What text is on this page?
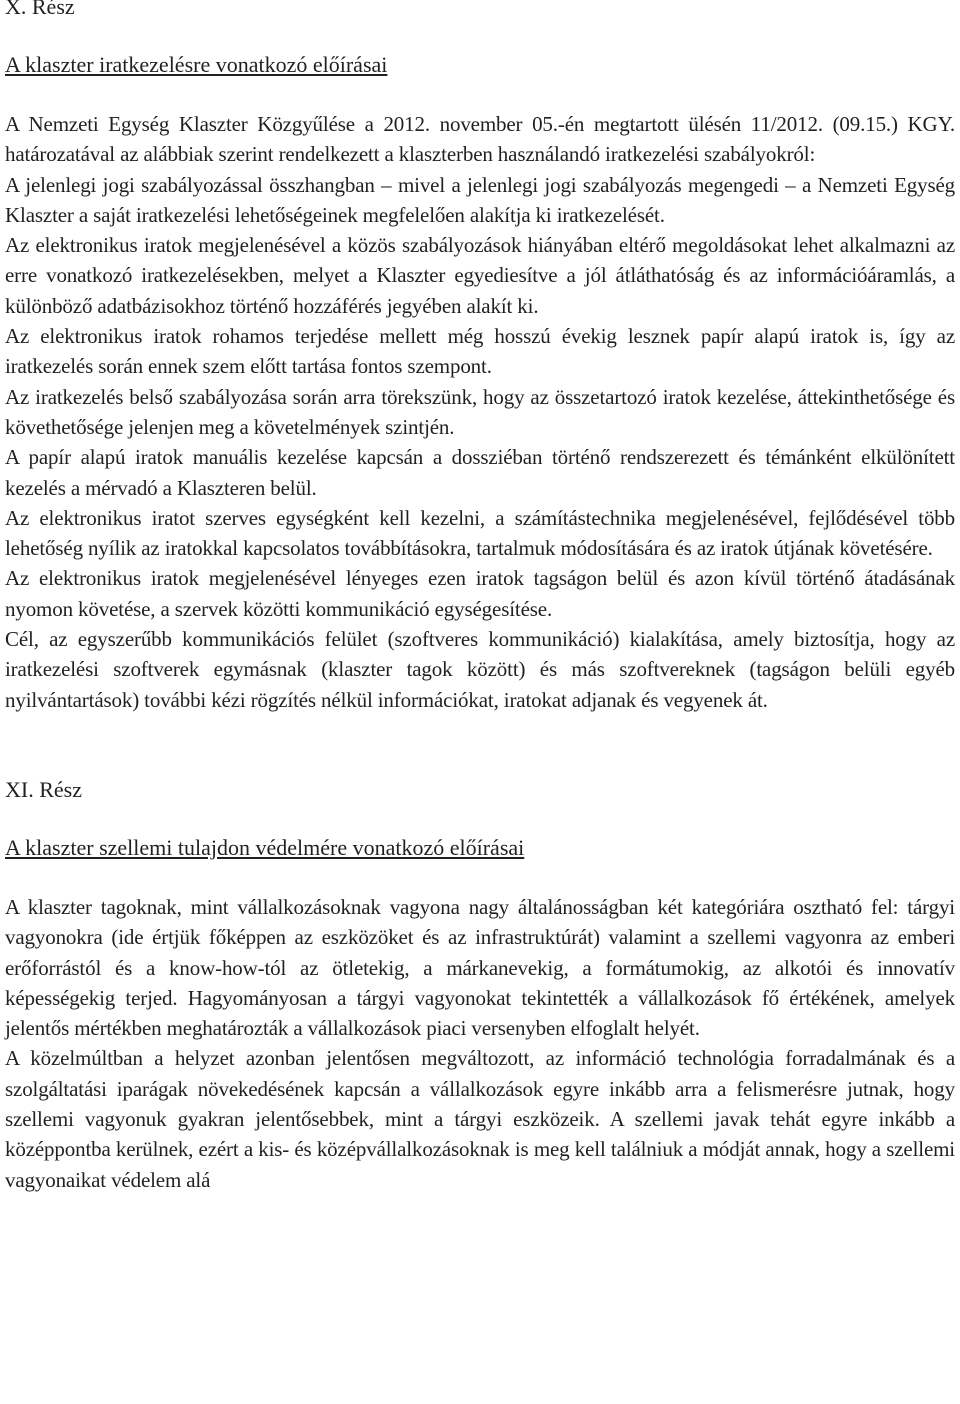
X. Rész
A klaszter iratkezelésre vonatkozó előírásai

A Nemzeti Egység Klaszter Közgyűlése a 2012. november 05.-én megtartott ülésén 11/2012. (09.15.) KGY. határozatával az alábbiak szerint rendelkezett a klaszterben használandó iratkezelési szabályokról:

A jelenlegi jogi szabályozással összhangban – mivel a jelenlegi jogi szabályozás megengedi – a Nemzeti Egység Klaszter a saját iratkezelési lehetőségeinek megfelelően alakítja ki iratkezelését.

Az elektronikus iratok megjelenésével a közös szabályozások hiányában eltérő megoldásokat lehet alkalmazni az erre vonatkozó iratkezelésekben, melyet a Klaszter egyediesítve a jól átláthatóság és az információáramlás, a különböző adatbázisokhoz történő hozzáférés jegyében alakít ki.

Az elektronikus iratok rohamos terjedése mellett még hosszú évekig lesznek papír alapú iratok is, így az iratkezelés során ennek szem előtt tartása fontos szempont.

Az iratkezelés belső szabályozása során arra törekszünk, hogy az összetartozó iratok kezelése, áttekinthetősége és követhetősége jelenjen meg a követelmények szintjén.

A papír alapú iratok manuális kezelése kapcsán a dossziéban történő rendszerezett és témánként elkülönített kezelés a mérvadó a Klaszteren belül.

Az elektronikus iratot szerves egységként kell kezelni, a számítástechnika megjelenésével, fejlődésével több lehetőség nyílik az iratokkal kapcsolatos továbbításokra, tartalmuk módosítására és az iratok útjának követésére.

Az elektronikus iratok megjelenésével lényeges ezen iratok tagságon belül és azon kívül történő átadásának nyomon követése, a szervek közötti kommunikáció egységesítése.

Cél, az egyszerűbb kommunikációs felület (szoftveres kommunikáció) kialakítása, amely biztosítja, hogy az iratkezelési szoftverek egymásnak (klaszter tagok között) és más szoftvereknek (tagságon belüli egyéb nyilvántartások) további kézi rögzítés nélkül információkat, iratokat adjanak és vegyenek át.

XI. Rész
A klaszter szellemi tulajdon védelmére vonatkozó előírásai

A klaszter tagoknak, mint vállalkozásoknak vagyona nagy általánosságban két kategóriára osztható fel: tárgyi vagyonokra (ide értjük főképpen az eszközöket és az infrastruktúrát) valamint a szellemi vagyonra az emberi erőforrástól és a know-how-tól az ötletekig, a márkanevekig, a formátumokig, az alkotói és innovatív képességekig terjed. Hagyományosan a tárgyi vagyonokat tekintették a vállalkozások fő értékének, amelyek jelentős mértékben meghatározták a vállalkozások piaci versenyben elfoglalt helyét.

A közelmúltban a helyzet azonban jelentősen megváltozott, az információ technológia forradalmának és a szolgáltatási iparágak növekedésének kapcsán a vállalkozások egyre inkább arra a felismerésre jutnak, hogy szellemi vagyonuk gyakran jelentősebbek, mint a tárgyi eszközeik. A szellemi javak tehát egyre inkább a középpontba kerülnek, ezért a kis- és középvállalkozásoknak is meg kell találniuk a módját annak, hogy a szellemi vagyonaikat védelem alá
